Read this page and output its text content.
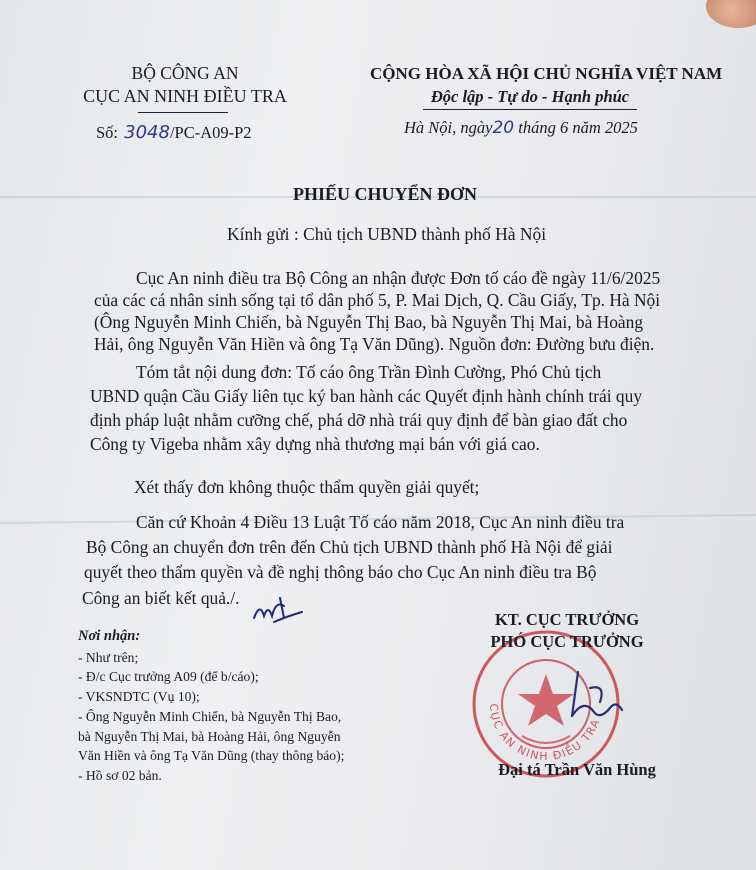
BỘ CÔNG AN
CỤC AN NINH ĐIỀU TRA
Số: 3048/PC-A09-P2
CỘNG HÒA XÃ HỘI CHỦ NGHĨA VIỆT NAM
Độc lập - Tự do - Hạnh phúc
Hà Nội, ngày20 tháng 6 năm 2025
PHIẾU CHUYỂN ĐƠN
Kính gửi : Chủ tịch UBND thành phố Hà Nội
Cục An ninh điều tra Bộ Công an nhận được Đơn tố cáo đề ngày 11/6/2025
của các cá nhân sinh sống tại tổ dân phố 5, P. Mai Dịch, Q. Cầu Giấy, Tp. Hà Nội
(Ông Nguyễn Minh Chiến, bà Nguyễn Thị Bao, bà Nguyễn Thị Mai, bà Hoàng
Hải, ông Nguyễn Văn Hiền và ông Tạ Văn Dũng). Nguồn đơn: Đường bưu điện.
Tóm tắt nội dung đơn: Tố cáo ông Trần Đình Cường, Phó Chủ tịch
UBND quận Cầu Giấy liên tục ký ban hành các Quyết định hành chính trái quy
định pháp luật nhằm cưỡng chế, phá dỡ nhà trái quy định để bàn giao đất cho
Công ty Vigeba nhằm xây dựng nhà thương mại bán với giá cao.
Xét thấy đơn không thuộc thẩm quyền giải quyết;
Căn cứ Khoản 4 Điều 13 Luật Tố cáo năm 2018, Cục An ninh điều tra
Bộ Công an chuyển đơn trên đến Chủ tịch UBND thành phố Hà Nội để giải
quyết theo thẩm quyền và đề nghị thông báo cho Cục An ninh điều tra Bộ
Công an biết kết quả./.
Nơi nhận:
- Như trên;
- Đ/c Cục trưởng A09 (để b/cáo);
- VKSNDTC (Vụ 10);
- Ông Nguyễn Minh Chiến, bà Nguyễn Thị Bao,
bà Nguyễn Thị Mai, bà Hoàng Hải, ông Nguyễn
Văn Hiền và ông Tạ Văn Dũng (thay thông báo);
- Hồ sơ 02 bản.
CỤC AN NINH ĐIỀU TRA
KT. CỤC TRƯỞNG
PHÓ CỤC TRƯỞNG
Đại tá Trần Văn Hùng
